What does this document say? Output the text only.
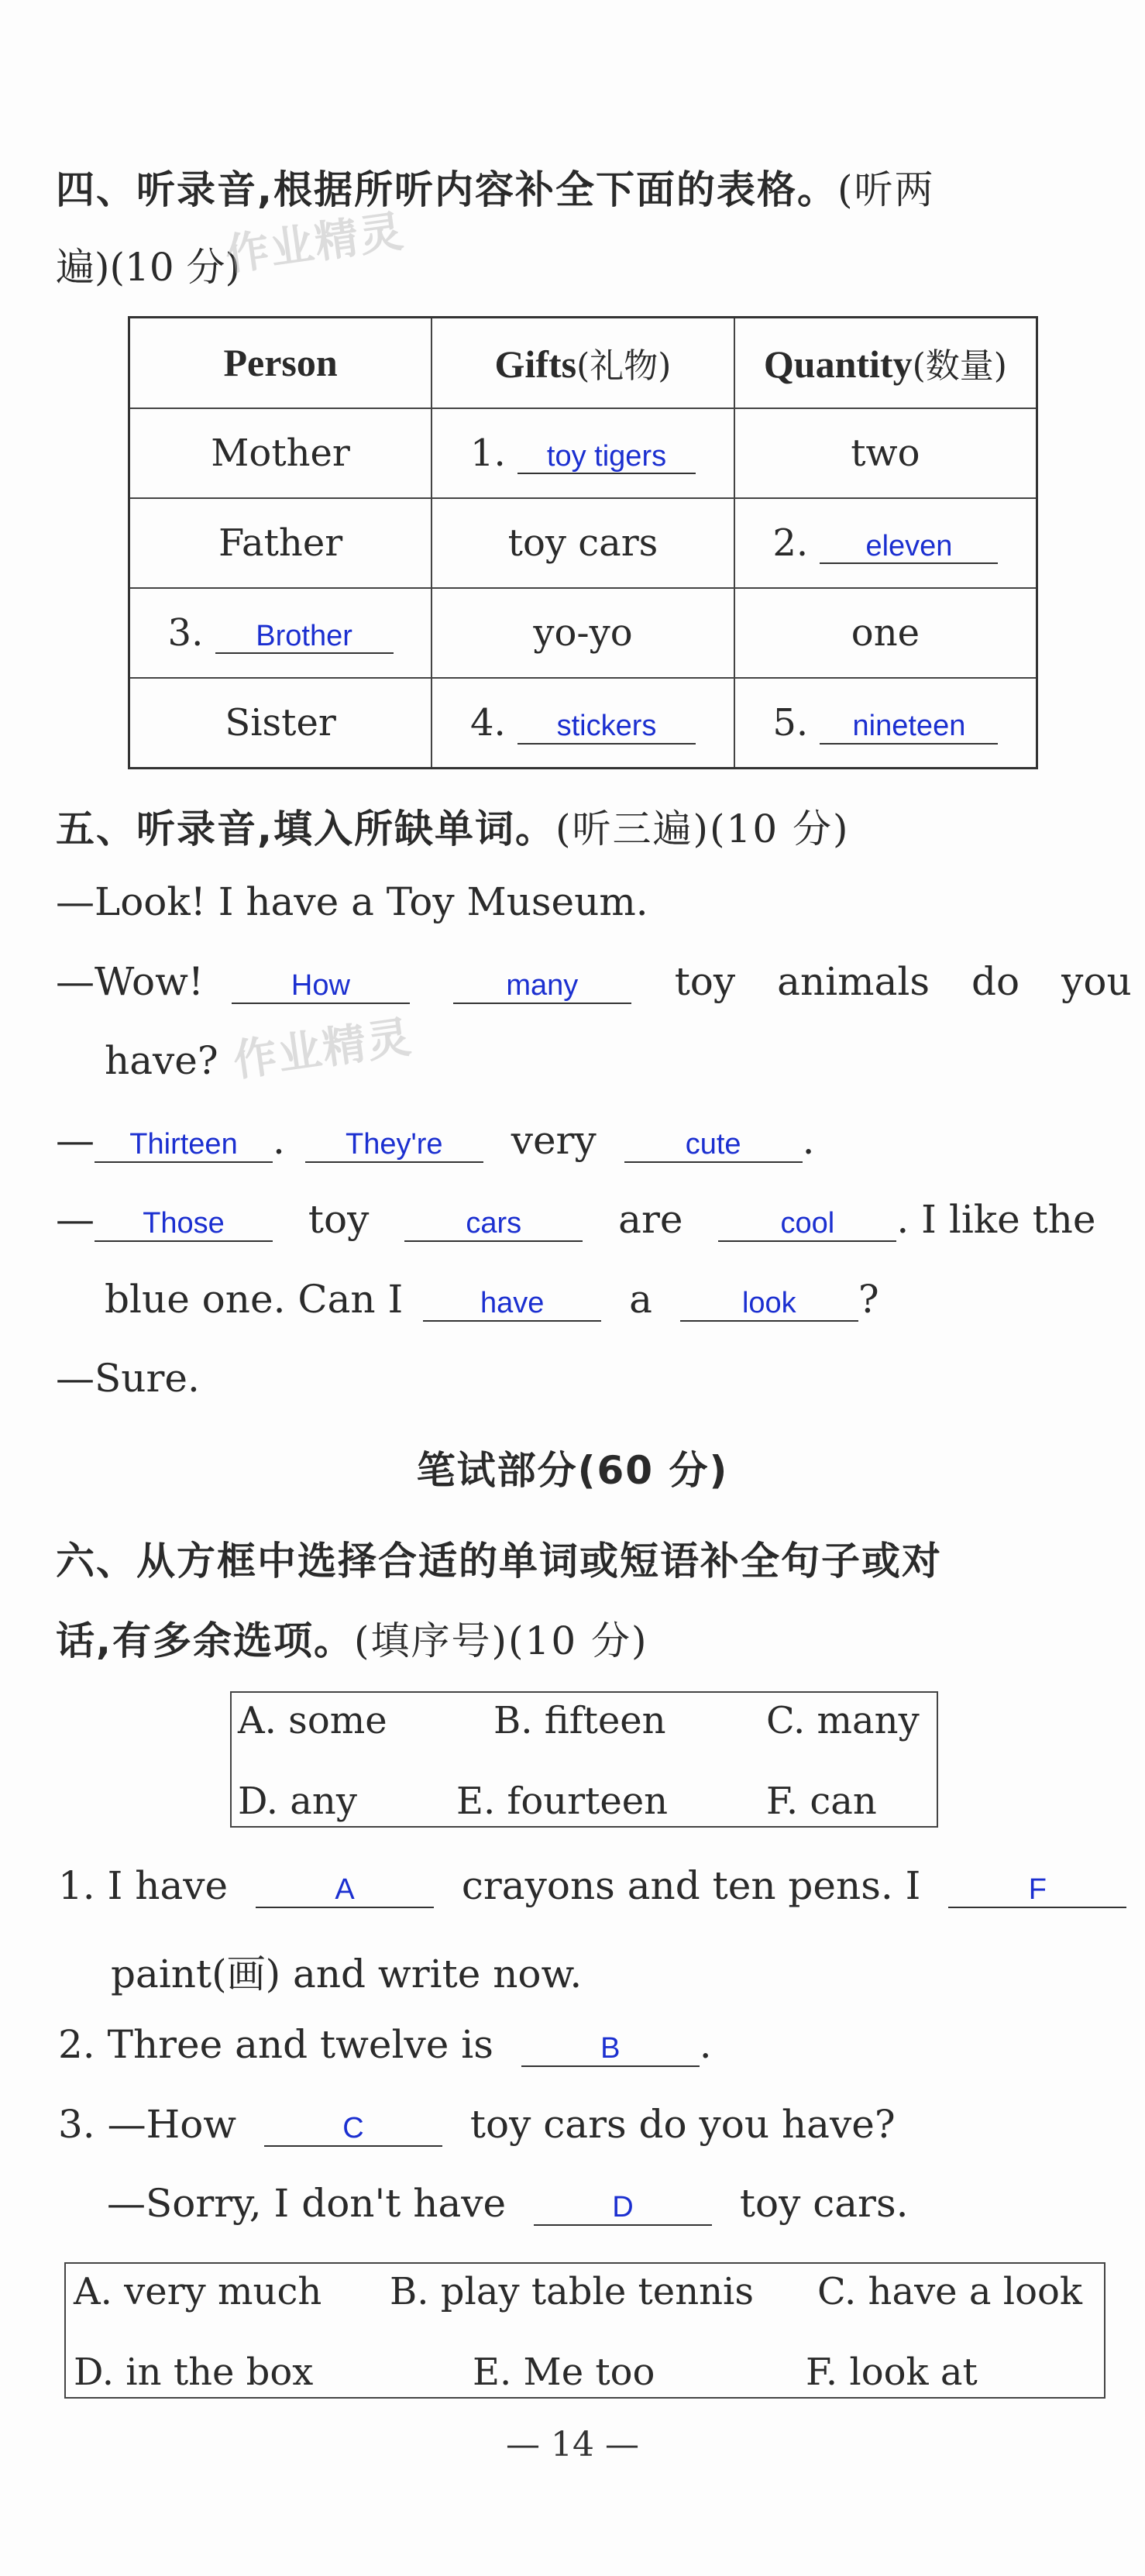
四、听录音,根据所听内容补全下面的表格。(听两
遍)(10 分)
作业精灵
Person	Gifts(礼物)	Quantity(数量)
Mother	1. toy tigers	two
Father	toy cars	2. eleven
3. Brother	yo-yo	one
Sister	4. stickers	5. nineteen
五、听录音,填入所缺单词。(听三遍)(10 分)
—Look! I have a Toy Museum.
—Wow!	How	many toy animals do you
have? 作业精灵
— Thirteen . They're very	cute .
— Those toy	cars	are	cool . I like the
blue one. Can I	have a	look ?
—Sure.
笔试部分(60 分)
六、从方框中选择合适的单词或短语补全句子或对
话,有多余选项。(填序号)(10 分)
A. some	B. fifteen	C. many
D. any	E. fourteen	F. can
1. I have	A	crayons and ten pens. I	F
paint(画) and write now.
2. Three and twelve is	B .
3. —How	C	toy cars do you have?
—Sorry, I don't have	D	toy cars.
A. very much B. play table tennis C. have a look
D. in the box	E. Me too	F. look at
— 14 —
